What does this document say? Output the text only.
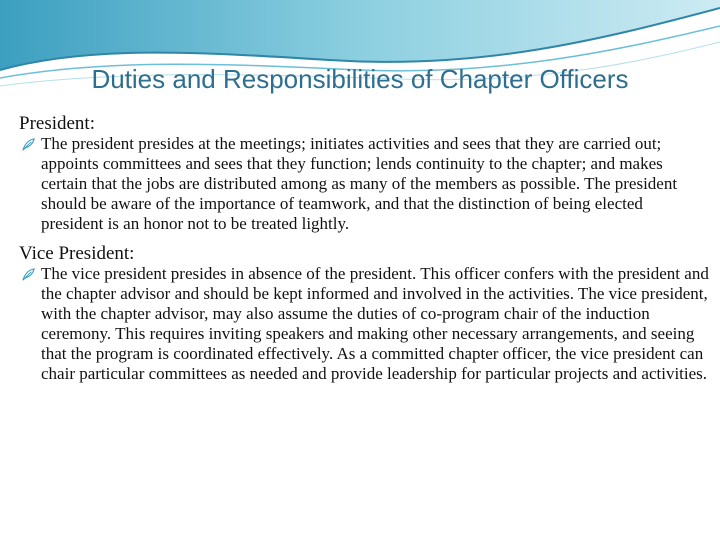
Duties and Responsibilities of Chapter Officers

President:

The president presides at the meetings; initiates activities and sees that they are carried out; appoints committees and sees that they function; lends continuity to the chapter; and makes certain that the jobs are distributed among as many of the members as possible. The president should be aware of the importance of teamwork, and that the distinction of being elected president is an honor not to be treated lightly.

Vice President:

The vice president presides in absence of the president. This officer confers with the president and the chapter advisor and should be kept informed and involved in the activities. The vice president, with the chapter advisor, may also assume the duties of co-program chair of the induction ceremony. This requires inviting speakers and making other necessary arrangements, and seeing that the program is coordinated effectively. As a committed chapter officer, the vice president can chair particular committees as needed and provide leadership for particular projects and activities.
